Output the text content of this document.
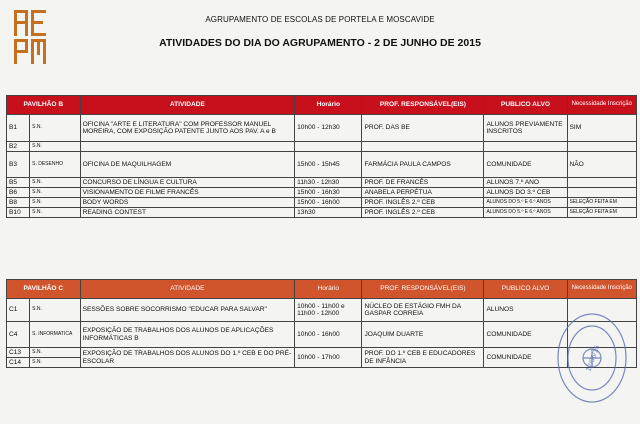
AGRUPAMENTO DE ESCOLAS DE PORTELA E MOSCAVIDE
ATIVIDADES DO DIA DO AGRUPAMENTO - 2 DE JUNHO DE 2015
PAVILHÃO B		ATIVIDADE	Horário	PROF. RESPONSÁVEL(EIS)	PUBLICO ALVO	Necessidade Inscrição
B1	S.N.	OFICINA "ARTE E LITERATURA" COM PROFESSOR MANUEL MOREIRA, COM EXPOSIÇÃO PATENTE JUNTO AOS PAV. A e B	10h00 - 12h30	PROF. DAS BE	ALUNOS PREVIAMENTE INSCRITOS	SIM
B2	S.N.					
B3	S. DESENHO	OFICINA DE MAQUILHAGEM	15h00 - 15h45	FARMÁCIA PAULA CAMPOS	COMUNIDADE	NÃO
B5	S.N.	CONCURSO DE LÍNGUA E CULTURA	11h30 - 12h30	PROF. DE FRANCÊS	ALUNOS 7.º ANO	
B6	S.N.	VISIONAMENTO DE FILME FRANCÊS	15h00 - 16h30	ANABELA PERPÉTUA	ALUNOS DO 3.º CEB	
B8	S.N.	BODY WORDS	15h00 - 16h00	PROF. INGLÊS 2.º CEB	ALUNOS DO 5.º E 6.º ANOS	SELEÇÃO FEITA EM
B10	S.N.	READING CONTEST	13h30	PROF. INGLÊS 2.º CEB	ALUNOS DO 5.º E 6.º ANOS	SELEÇÃO FEITA EM
PAVILHÃO C		ATIVIDADE	Horário	PROF. RESPONSÁVEL(EIS)	PUBLICO ALVO	Necessidade Inscrição
C1	S.N.	SESSÕES SOBRE SOCORRISMO "EDUCAR PARA SALVAR"	10h00 - 11h00 e
11h00 - 12h00	NÚCLEO DE ESTÁGIO FMH DA GASPAR CORREIA	ALUNOS	
C4	S. INFORMATICA	EXPOSIÇÃO DE TRABALHOS DOS ALUNOS DE APLICAÇÕES INFORMÁTICAS B	10h00 - 16h00	JOAQUIM DUARTE	COMUNIDADE	
C13	S.N.	EXPOSIÇÃO DE TRABALHOS DOS ALUNOS DO 1.º CEB E DO PRÉ-ESCOLAR	10h00 - 17h00	PROF. DO 1.º CEB E EDUCADORES DE INFÂNCIA	COMUNIDADE	
C14	S.N.						12/06/15
